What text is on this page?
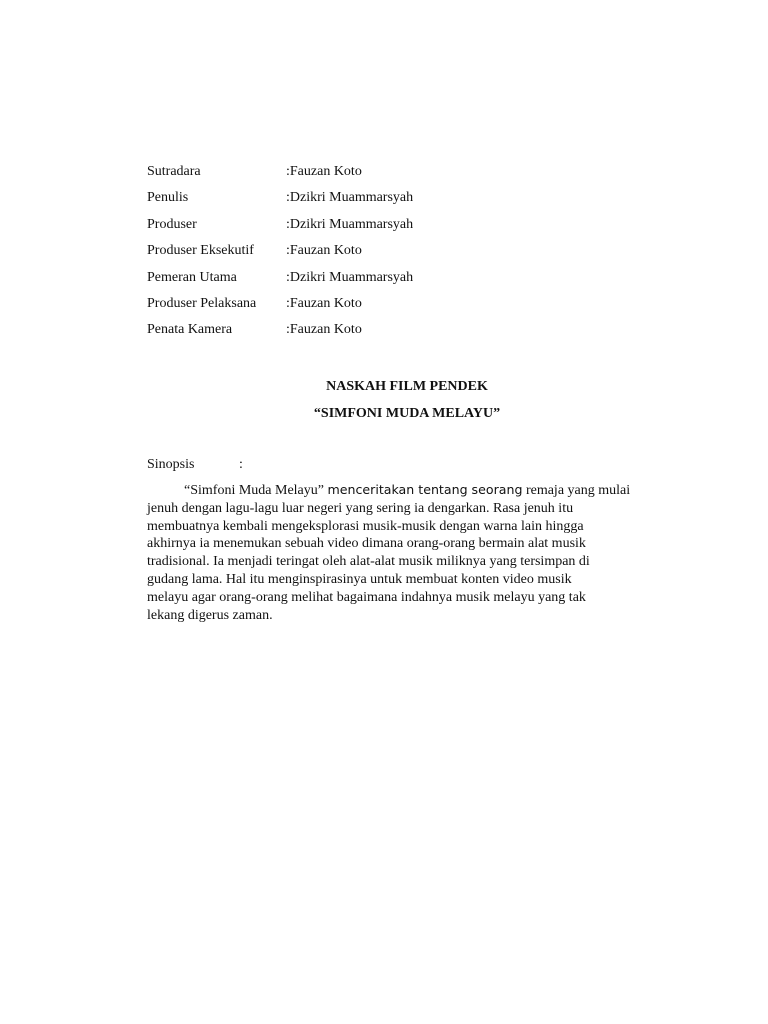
Sutradara	:Fauzan Koto
Penulis	:Dzikri Muammarsyah
Produser	:Dzikri Muammarsyah
Produser Eksekutif :Fauzan Koto
Pemeran Utama	:Dzikri Muammarsyah
Produser Pelaksana :Fauzan Koto
Penata Kamera	:Fauzan Koto
NASKAH FILM PENDEK
“SIMFONI MUDA MELAYU”
Sinopsis	:
“Simfoni Muda Melayu” menceritakan tentang seorang remaja yang mulai
jenuh dengan lagu-lagu luar negeri yang sering ia dengarkan. Rasa jenuh itu
membuatnya kembali mengeksplorasi musik-musik dengan warna lain hingga
akhirnya ia menemukan sebuah video dimana orang-orang bermain alat musik
tradisional. Ia menjadi teringat oleh alat-alat musik miliknya yang tersimpan di
gudang lama. Hal itu menginspirasinya untuk membuat konten video musik
melayu agar orang-orang melihat bagaimana indahnya musik melayu yang tak
lekang digerus zaman.
